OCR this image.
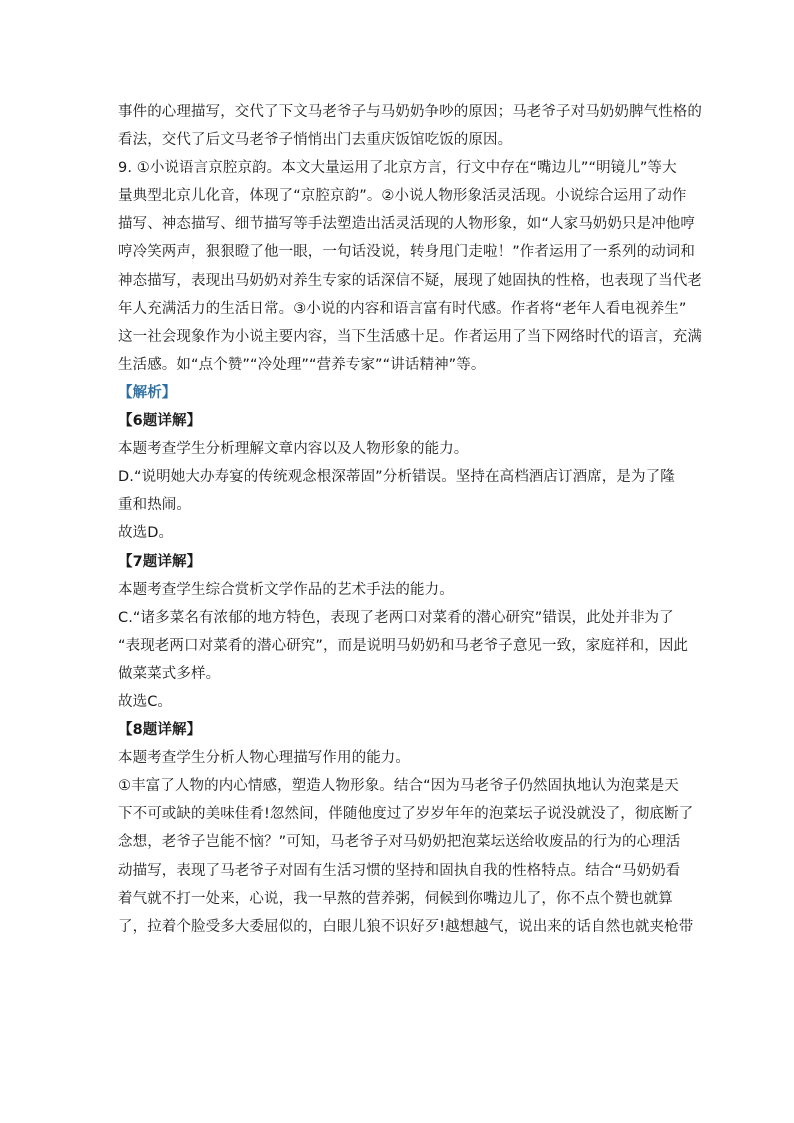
事件的心理描写，交代了下文马老爷子与马奶奶争吵的原因；马老爷子对马奶奶脾气性格的
看法，交代了后文马老爷子悄悄出门去重庆饭馆吃饭的原因。
9. ①小说语言京腔京韵。本文大量运用了北京方言，行文中存在“嘴边儿”“明镜儿”等大
量典型北京儿化音，体现了“京腔京韵”。②小说人物形象活灵活现。小说综合运用了动作
描写、神态描写、细节描写等手法塑造出活灵活现的人物形象，如“人家马奶奶只是冲他哼
哼冷笑两声，狠狠瞪了他一眼，一句话没说，转身甩门走啦！”作者运用了一系列的动词和
神态描写，表现出马奶奶对养生专家的话深信不疑，展现了她固执的性格，也表现了当代老
年人充满活力的生活日常。③小说的内容和语言富有时代感。作者将“老年人看电视养生”
这一社会现象作为小说主要内容，当下生活感十足。作者运用了当下网络时代的语言，充满
生活感。如“点个赞”“冷处理”“营养专家”“讲话精神”等。
【解析】
【6题详解】
本题考查学生分析理解文章内容以及人物形象的能力。
D.“说明她大办寿宴的传统观念根深蒂固”分析错误。坚持在高档酒店订酒席，是为了隆
重和热闹。
故选D。
【7题详解】
本题考查学生综合赏析文学作品的艺术手法的能力。
C.“诸多菜名有浓郁的地方特色，表现了老两口对菜肴的潜心研究”错误，此处并非为了
“表现老两口对菜肴的潜心研究”，而是说明马奶奶和马老爷子意见一致，家庭祥和，因此
做菜菜式多样。
故选C。
【8题详解】
本题考查学生分析人物心理描写作用的能力。
①丰富了人物的内心情感，塑造人物形象。结合“因为马老爷子仍然固执地认为泡菜是天
下不可或缺的美味佳肴!忽然间，伴随他度过了岁岁年年的泡菜坛子说没就没了，彻底断了
念想，老爷子岂能不恼？”可知，马老爷子对马奶奶把泡菜坛送给收废品的行为的心理活
动描写，表现了马老爷子对固有生活习惯的坚持和固执自我的性格特点。结合“马奶奶看
着气就不打一处来，心说，我一早熬的营养粥，伺候到你嘴边儿了，你不点个赞也就算
了，拉着个脸受多大委屈似的，白眼儿狼不识好歹!越想越气，说出来的话自然也就夹枪带
